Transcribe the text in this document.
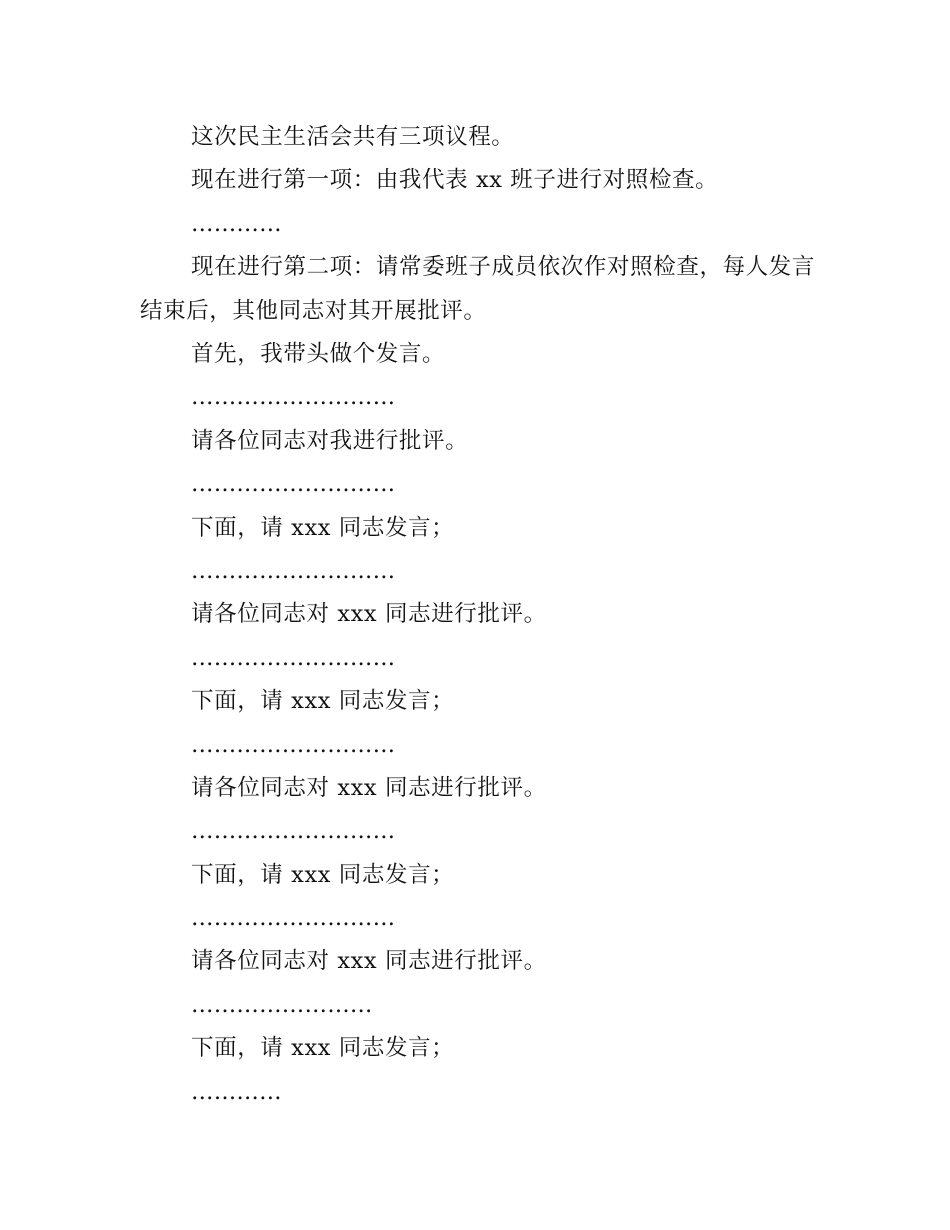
这次民主生活会共有三项议程。

现在进行第一项：由我代表 xx 班子进行对照检查。

…………

现在进行第二项：请常委班子成员依次作对照检查，每人发言结束后，其他同志对其开展批评。

首先，我带头做个发言。

………………………

请各位同志对我进行批评。

………………………

下面，请 xxx 同志发言；

………………………

请各位同志对 xxx 同志进行批评。

………………………

下面，请 xxx 同志发言；

………………………

请各位同志对 xxx 同志进行批评。

………………………

下面，请 xxx 同志发言；

………………………

请各位同志对 xxx 同志进行批评。

……………………

下面，请 xxx 同志发言；

…………
